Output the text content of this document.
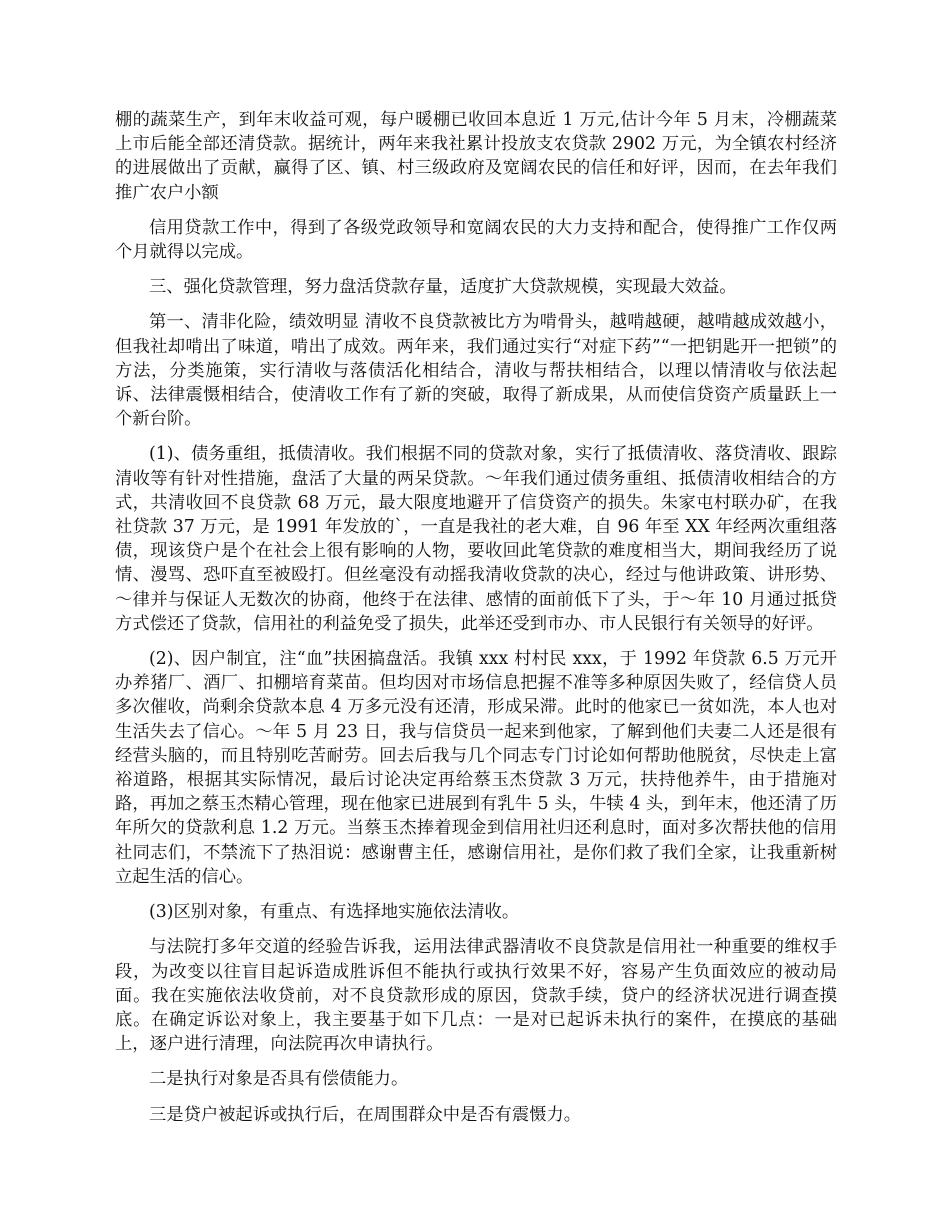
棚的蔬菜生产，到年末收益可观，每户暖棚已收回本息近 1 万元,估计今年 5 月末，冷棚蔬菜上市后能全部还清贷款。据统计，两年来我社累计投放支农贷款 2902 万元，为全镇农村经济的进展做出了贡献，赢得了区、镇、村三级政府及宽阔农民的信任和好评，因而，在去年我们推广农户小额

信用贷款工作中，得到了各级党政领导和宽阔农民的大力支持和配合，使得推广工作仅两个月就得以完成。

三、强化贷款管理，努力盘活贷款存量，适度扩大贷款规模，实现最大效益。

第一、清非化险，绩效明显 清收不良贷款被比方为啃骨头，越啃越硬，越啃越成效越小，但我社却啃出了味道，啃出了成效。两年来，我们通过实行“对症下药”“一把钥匙开一把锁”的方法，分类施策，实行清收与落债活化相结合，清收与帮扶相结合，以理以情清收与依法起诉、法律震慑相结合，使清收工作有了新的突破，取得了新成果，从而使信贷资产质量跃上一个新台阶。

(1)、债务重组，抵债清收。我们根据不同的贷款对象，实行了抵债清收、落贷清收、跟踪清收等有针对性措施，盘活了大量的两呆贷款。～年我们通过债务重组、抵债清收相结合的方式，共清收回不良贷款 68 万元，最大限度地避开了信贷资产的损失。朱家屯村联办矿，在我社贷款 37 万元，是 1991 年发放的`，一直是我社的老大难，自 96 年至 XX 年经两次重组落债，现该贷户是个在社会上很有影响的人物，要收回此笔贷款的难度相当大，期间我经历了说情、漫骂、恐吓直至被殴打。但丝毫没有动摇我清收贷款的决心，经过与他讲政策、讲形势、～律并与保证人无数次的协商，他终于在法律、感情的面前低下了头，于～年 10 月通过抵贷方式偿还了贷款，信用社的利益免受了损失，此举还受到市办、市人民银行有关领导的好评。

(2)、因户制宜，注“血”扶困搞盘活。我镇 xxx 村村民 xxx，于 1992 年贷款 6.5 万元开办养猪厂、酒厂、扣棚培育菜苗。但均因对市场信息把握不准等多种原因失败了，经信贷人员多次催收，尚剩余贷款本息 4 万多元没有还清，形成呆滞。此时的他家已一贫如洗，本人也对生活失去了信心。～年 5 月 23 日，我与信贷员一起来到他家，了解到他们夫妻二人还是很有经营头脑的，而且特别吃苦耐劳。回去后我与几个同志专门讨论如何帮助他脱贫，尽快走上富裕道路，根据其实际情况，最后讨论决定再给蔡玉杰贷款 3 万元，扶持他养牛，由于措施对路，再加之蔡玉杰精心管理，现在他家已进展到有乳牛 5 头，牛犊 4 头，到年末，他还清了历年所欠的贷款利息 1.2 万元。当蔡玉杰捧着现金到信用社归还利息时，面对多次帮扶他的信用社同志们，不禁流下了热泪说：感谢曹主任，感谢信用社，是你们救了我们全家，让我重新树立起生活的信心。

(3)区别对象，有重点、有选择地实施依法清收。

与法院打多年交道的经验告诉我，运用法律武器清收不良贷款是信用社一种重要的维权手段，为改变以往盲目起诉造成胜诉但不能执行或执行效果不好，容易产生负面效应的被动局面。我在实施依法收贷前，对不良贷款形成的原因，贷款手续，贷户的经济状况进行调查摸底。在确定诉讼对象上，我主要基于如下几点：一是对已起诉未执行的案件，在摸底的基础上，逐户进行清理，向法院再次申请执行。

二是执行对象是否具有偿债能力。

三是贷户被起诉或执行后，在周围群众中是否有震慑力。
